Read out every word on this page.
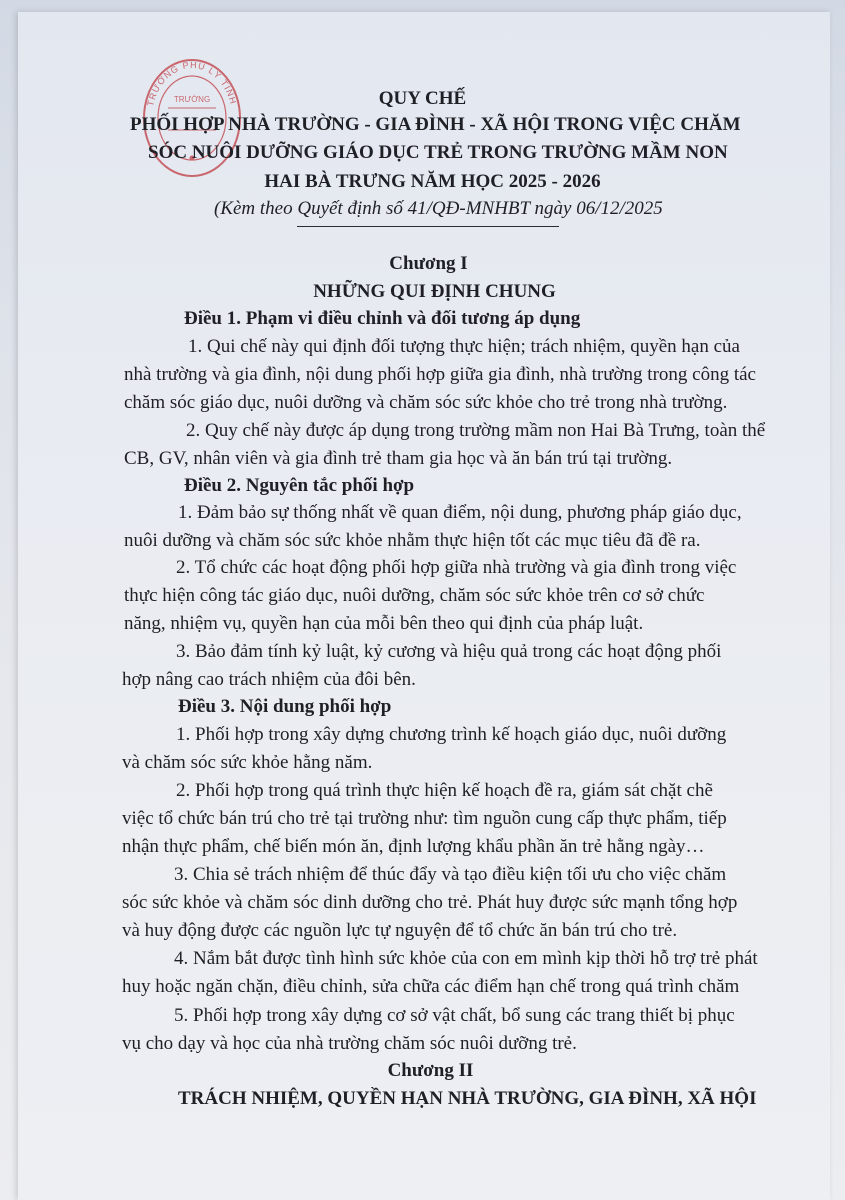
TRƯỜNG PHỦ LÝ TỈNH
TRƯỜNG	QUY CHẾ
PHỐI HỢP NHÀ TRƯỜNG - GIA ĐÌNH - XÃ HỘI TRONG VIỆC CHĂM
SÓC NUÔI DƯỠNG GIÁO DỤC TRẺ TRONG TRƯỜNG MẦM NON
HAI BÀ TRƯNG NĂM HỌC 2025 - 2026
(Kèm theo Quyết định số 41/QĐ-MNHBT ngày 06/12/2025
Chương I
NHỮNG QUI ĐỊNH CHUNG
Điều 1. Phạm vi điều chỉnh và đối tương áp dụng
1. Qui chế này qui định đối tượng thực hiện; trách nhiệm, quyền hạn của
nhà trường và gia đình, nội dung phối hợp giữa gia đình, nhà trường trong công tác
chăm sóc giáo dục, nuôi dưỡng và chăm sóc sức khỏe cho trẻ trong nhà trường.
2. Quy chế này được áp dụng trong trường mầm non Hai Bà Trưng, toàn thể
CB, GV, nhân viên và gia đình trẻ tham gia học và ăn bán trú tại trường.
Điều 2. Nguyên tắc phối hợp
1. Đảm bảo sự thống nhất về quan điểm, nội dung, phương pháp giáo dục,
nuôi dưỡng và chăm sóc sức khỏe nhằm thực hiện tốt các mục tiêu đã đề ra.
2. Tổ chức các hoạt động phối hợp giữa nhà trường và gia đình trong việc
thực hiện công tác giáo dục, nuôi dưỡng, chăm sóc sức khỏe trên cơ sở chức
năng, nhiệm vụ, quyền hạn của mỗi bên theo qui định của pháp luật.
3. Bảo đảm tính kỷ luật, kỷ cương và hiệu quả trong các hoạt động phối
hợp nâng cao trách nhiệm của đôi bên.
Điều 3. Nội dung phối hợp
1. Phối hợp trong xây dựng chương trình kế hoạch giáo dục, nuôi dưỡng
và chăm sóc sức khỏe hằng năm.
2. Phối hợp trong quá trình thực hiện kế hoạch đề ra, giám sát chặt chẽ
việc tổ chức bán trú cho trẻ tại trường như: tìm nguồn cung cấp thực phẩm, tiếp
nhận thực phẩm, chế biến món ăn, định lượng khẩu phần ăn trẻ hằng ngày…
3. Chia sẻ trách nhiệm để thúc đẩy và tạo điều kiện tối ưu cho việc chăm
sóc sức khỏe và chăm sóc dinh dưỡng cho trẻ. Phát huy được sức mạnh tổng hợp
và huy động được các nguồn lực tự nguyện để tổ chức ăn bán trú cho trẻ.
4. Nắm bắt được tình hình sức khỏe của con em mình kịp thời hỗ trợ trẻ phát
huy hoặc ngăn chặn, điều chỉnh, sửa chữa các điểm hạn chế trong quá trình chăm
5. Phối hợp trong xây dựng cơ sở vật chất, bổ sung các trang thiết bị phục
vụ cho dạy và học của nhà trường chăm sóc nuôi dưỡng trẻ.
Chương II
TRÁCH NHIỆM, QUYỀN HẠN NHÀ TRƯỜNG, GIA ĐÌNH, XÃ HỘI
